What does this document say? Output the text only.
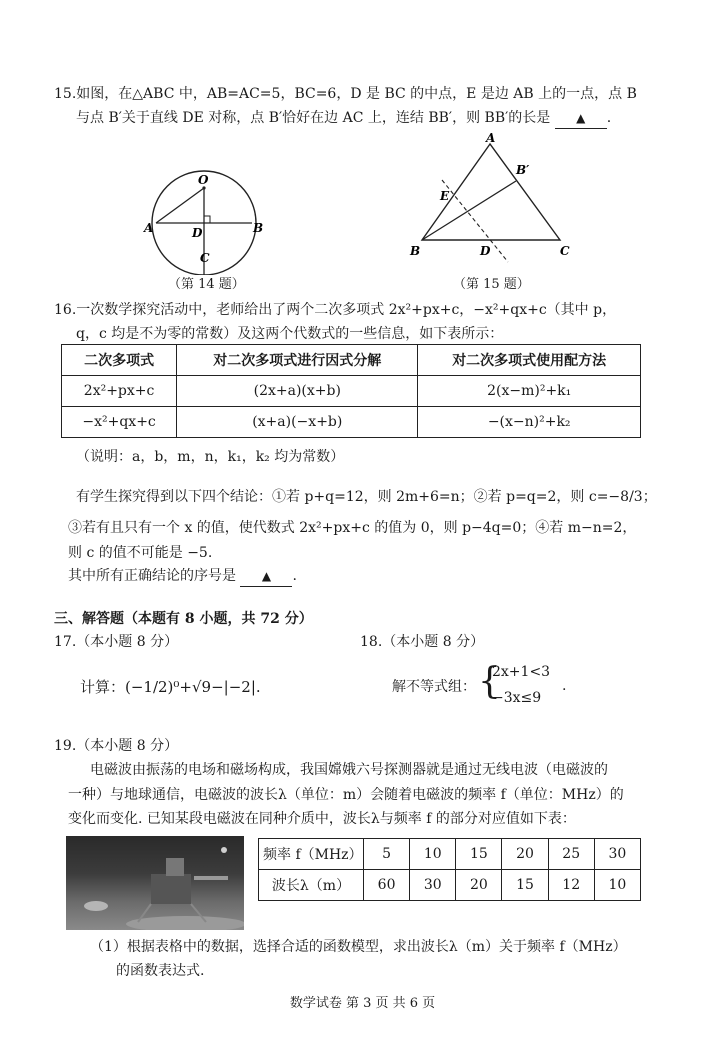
15.如图，在△ABC 中，AB=AC=5，BC=6，D 是 BC 的中点，E 是边 AB 上的一点，点 B
与点 B′关于直线 DE 对称，点 B′恰好在边 AC 上，连结 BB′，则 BB′的长是 ▲ .
O
A	B
D
C
（第 14 题）
A
B′
E
B	D	C
（第 15 题）
16.一次数学探究活动中，老师给出了两个二次多项式 2x²+px+c，−x²+qx+c（其中 p，
q，c 均是不为零的常数）及这两个代数式的一些信息，如下表所示：
二次多项式	对二次多项式进行因式分解	对二次多项式使用配方法
2x²+px+c	(2x+a)(x+b)	2(x−m)²+k₁
−x²+qx+c	(x+a)(−x+b)	−(x−n)²+k₂
（说明：a，b，m，n，k₁，k₂ 均为常数）
有学生探究得到以下四个结论：①若 p+q=12，则 2m+6=n；②若 p=q=2，则 c=−8/3；
③若有且只有一个 x 的值，使代数式 2x²+px+c 的值为 0，则 p−4q=0；④若 m−n=2，
则 c 的值不可能是 −5.
其中所有正确结论的序号是 ▲ .
三、解答题（本题有 8 小题，共 72 分）
17.（本小题 8 分）	18.（本小题 8 分）
计算：(−1/2)⁰+√9−|−2|.	解不等式组： {
2x+1<3
−3x≤9
.
19.（本小题 8 分）
电磁波由振荡的电场和磁场构成，我国嫦娥六号探测器就是通过无线电波（电磁波的
一种）与地球通信，电磁波的波长λ（单位：m）会随着电磁波的频率 f（单位：MHz）的
变化而变化. 已知某段电磁波在同种介质中，波长λ与频率 f 的部分对应值如下表：
频率 f（MHz）	5	10	15	20	25	30
波长λ（m）	60	30	20	15	12	10
（1）根据表格中的数据，选择合适的函数模型，求出波长λ（m）关于频率 f（MHz）
的函数表达式.
数学试卷 第 3 页 共 6 页
